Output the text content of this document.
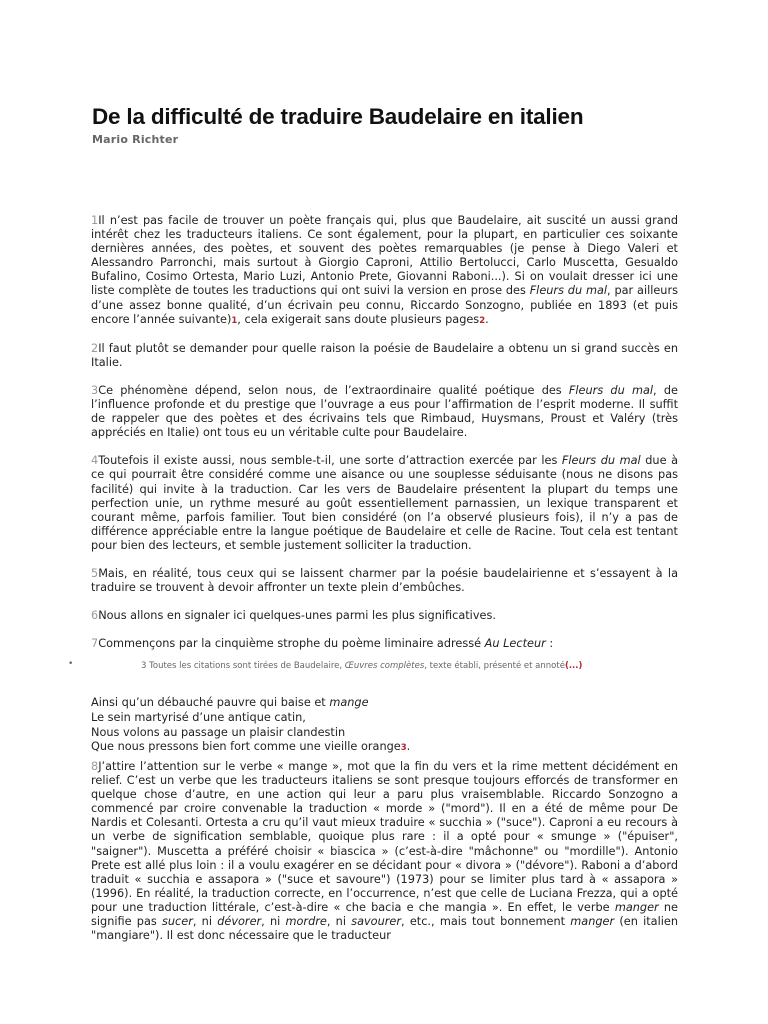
De la difficulté de traduire Baudelaire en italien
Mario Richter

1Il n’est pas facile de trouver un poète français qui, plus que Baudelaire, ait suscité un aussi grand intérêt chez les traducteurs italiens. Ce sont également, pour la plupart, en particulier ces soixante dernières années, des poètes, et souvent des poètes remarquables (je pense à Diego Valeri et Alessandro Parronchi, mais surtout à Giorgio Caproni, Attilio Bertolucci, Carlo Muscetta, Gesualdo Bufalino, Cosimo Ortesta, Mario Luzi, Antonio Prete, Giovanni Raboni...). Si on voulait dresser ici une liste complète de toutes les traductions qui ont suivi la version en prose des Fleurs du mal, par ailleurs d’une assez bonne qualité, d’un écrivain peu connu, Riccardo Sonzogno, publiée en 1893 (et puis encore l’année suivante)1, cela exigerait sans doute plusieurs pages2.

2Il faut plutôt se demander pour quelle raison la poésie de Baudelaire a obtenu un si grand succès en Italie.

3Ce phénomène dépend, selon nous, de l’extraordinaire qualité poétique des Fleurs du mal, de l’influence profonde et du prestige que l’ouvrage a eus pour l’affirmation de l’esprit moderne. Il suffit de rappeler que des poètes et des écrivains tels que Rimbaud, Huysmans, Proust et Valéry (très appréciés en Italie) ont tous eu un véritable culte pour Baudelaire.

4Toutefois il existe aussi, nous semble-t-il, une sorte d’attraction exercée par les Fleurs du mal due à ce qui pourrait être considéré comme une aisance ou une souplesse séduisante (nous ne disons pas facilité) qui invite à la traduction. Car les vers de Baudelaire présentent la plupart du temps une perfection unie, un rythme mesuré au goût essentiellement parnassien, un lexique transparent et courant même, parfois familier. Tout bien considéré (on l’a observé plusieurs fois), il n’y a pas de différence appréciable entre la langue poétique de Baudelaire et celle de Racine. Tout cela est tentant pour bien des lecteurs, et semble justement solliciter la traduction.

5Mais, en réalité, tous ceux qui se laissent charmer par la poésie baudelairienne et s’essayent à la traduire se trouvent à devoir affronter un texte plein d’embûches.

6Nous allons en signaler ici quelques-unes parmi les plus significatives.

7Commençons par la cinquième strophe du poème liminaire adressé Au Lecteur :

•	3 Toutes les citations sont tirées de Baudelaire, Œuvres complètes, texte établi, présenté et annoté(...)
Ainsi qu’un débauché pauvre qui baise et mange
Le sein martyrisé d’une antique catin,
Nous volons au passage un plaisir clandestin
Que nous pressons bien fort comme une vieille orange3.

8J’attire l’attention sur le verbe « mange », mot que la fin du vers et la rime mettent décidément en relief. C’est un verbe que les traducteurs italiens se sont presque toujours efforcés de transformer en quelque chose d’autre, en une action qui leur a paru plus vraisemblable. Riccardo Sonzogno a commencé par croire convenable la traduction « morde » ("mord"). Il en a été de même pour De Nardis et Colesanti. Ortesta a cru qu’il vaut mieux traduire « succhia » ("suce"). Caproni a eu recours à un verbe de signification semblable, quoique plus rare : il a opté pour « smunge » ("épuiser", "saigner"). Muscetta a préféré choisir « biascica » (c’est-à-dire "mâchonne" ou "mordille"). Antonio Prete est allé plus loin : il a voulu exagérer en se décidant pour « divora » ("dévore"). Raboni a d’abord traduit « succhia e assapora » ("suce et savoure") (1973) pour se limiter plus tard à « assapora » (1996). En réalité, la traduction correcte, en l’occurrence, n’est que celle de Luciana Frezza, qui a opté pour une traduction littérale, c’est-à-dire « che bacia e che mangia ». En effet, le verbe manger ne signifie pas sucer, ni dévorer, ni mordre, ni savourer, etc., mais tout bonnement manger (en italien "mangiare"). Il est donc nécessaire que le traducteur
